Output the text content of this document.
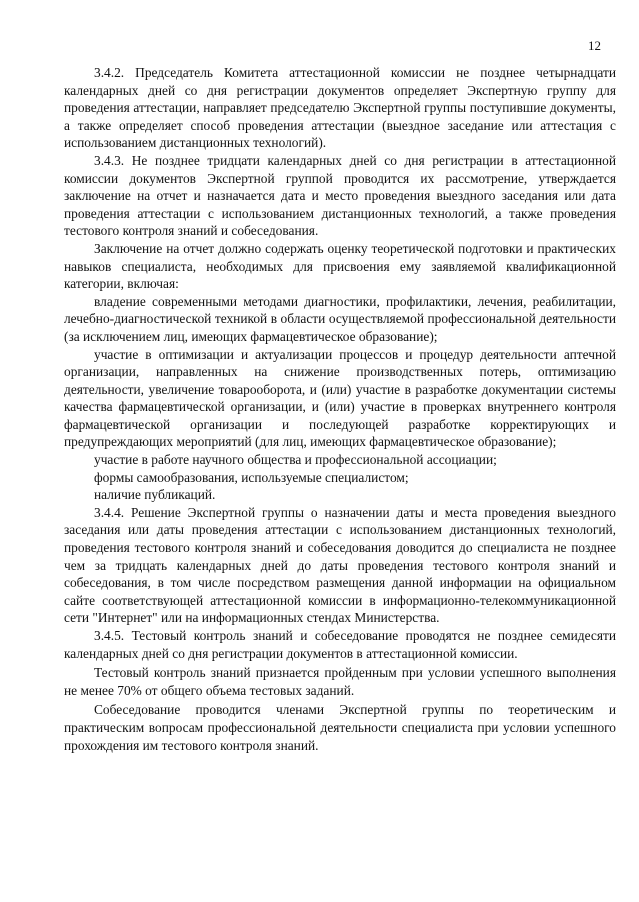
12

3.4.2. Председатель Комитета аттестационной комиссии не позднее четырнадцати календарных дней со дня регистрации документов определяет Экспертную группу для проведения аттестации, направляет председателю Экспертной группы поступившие документы, а также определяет способ проведения аттестации (выездное заседание или аттестация с использованием дистанционных технологий).

3.4.3. Не позднее тридцати календарных дней со дня регистрации в аттестационной комиссии документов Экспертной группой проводится их рассмотрение, утверждается заключение на отчет и назначается дата и место проведения выездного заседания или дата проведения аттестации с использованием дистанционных технологий, а также проведения тестового контроля знаний и собеседования.

Заключение на отчет должно содержать оценку теоретической подготовки и практических навыков специалиста, необходимых для присвоения ему заявляемой квалификационной категории, включая:

владение современными методами диагностики, профилактики, лечения, реабилитации, лечебно-диагностической техникой в области осуществляемой профессиональной деятельности (за исключением лиц, имеющих фармацевтическое образование);

участие в оптимизации и актуализации процессов и процедур деятельности аптечной организации, направленных на снижение производственных потерь, оптимизацию деятельности, увеличение товарооборота, и (или) участие в разработке документации системы качества фармацевтической организации, и (или) участие в проверках внутреннего контроля фармацевтической организации и последующей разработке корректирующих и предупреждающих мероприятий (для лиц, имеющих фармацевтическое образование);

участие в работе научного общества и профессиональной ассоциации;

формы самообразования, используемые специалистом;

наличие публикаций.

3.4.4. Решение Экспертной группы о назначении даты и места проведения выездного заседания или даты проведения аттестации с использованием дистанционных технологий, проведения тестового контроля знаний и собеседования доводится до специалиста не позднее чем за тридцать календарных дней до даты проведения тестового контроля знаний и собеседования, в том числе посредством размещения данной информации на официальном сайте соответствующей аттестационной комиссии в информационно-телекоммуникационной сети "Интернет" или на информационных стендах Министерства.

3.4.5. Тестовый контроль знаний и собеседование проводятся не позднее семидесяти календарных дней со дня регистрации документов в аттестационной комиссии.

Тестовый контроль знаний признается пройденным при условии успешного выполнения не менее 70% от общего объема тестовых заданий.

Собеседование проводится членами Экспертной группы по теоретическим и практическим вопросам профессиональной деятельности специалиста при условии успешного прохождения им тестового контроля знаний.
